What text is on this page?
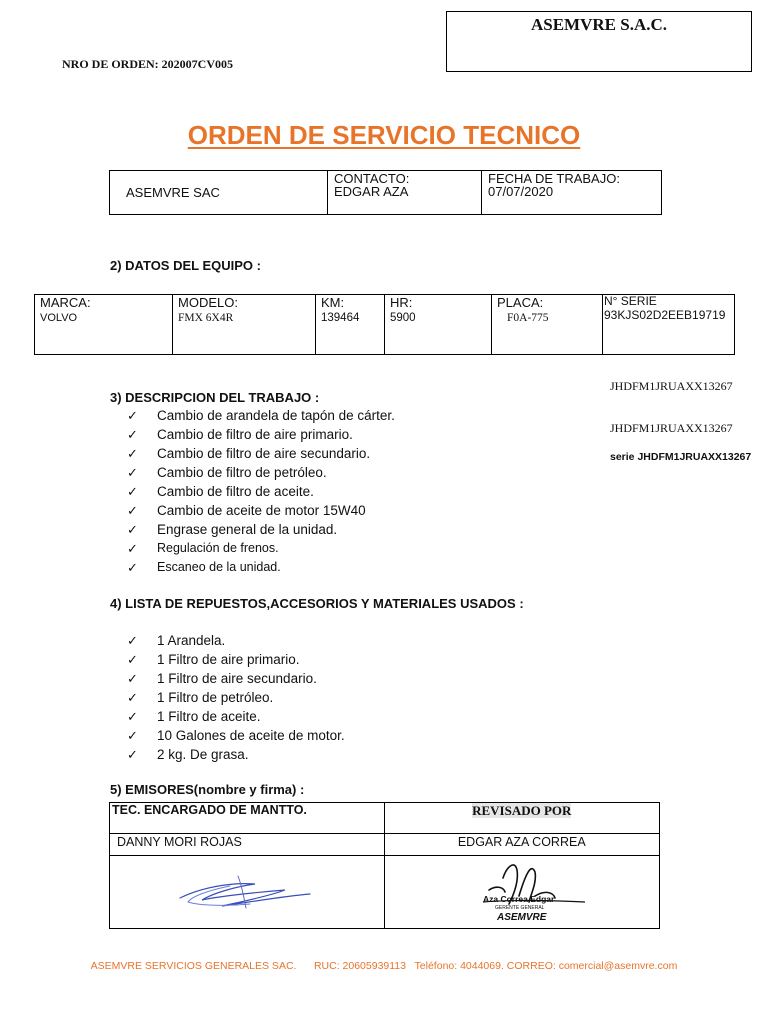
ASEMVRE S.A.C.
NRO DE ORDEN: 202007CV005
ORDEN DE SERVICIO TECNICO
ASEMVRE SAC
CONTACTO:
EDGAR AZA
FECHA DE TRABAJO:
07/07/2020
2) DATOS DEL EQUIPO :
MARCA:
VOLVO
MODELO:
FMX 6X4R
KM:
139464
HR:
5900
PLACA:
F0A-775
N° SERIE
93KJS02D2EEB19719
JHDFM1JRUAXX13267
JHDFM1JRUAXX13267
serie JHDFM1JRUAXX13267
3) DESCRIPCION DEL TRABAJO :
✓ Cambio de arandela de tapón de cárter.
✓ Cambio de filtro de aire primario.
✓ Cambio de filtro de aire secundario.
✓ Cambio de filtro de petróleo.
✓ Cambio de filtro de aceite.
✓ Cambio de aceite de motor 15W40
✓ Engrase general de la unidad.
✓ Regulación de frenos.
✓ Escaneo de la unidad.
4) LISTA DE REPUESTOS,ACCESORIOS Y MATERIALES USADOS :
✓ 1 Arandela.
✓ 1 Filtro de aire primario.
✓ 1 Filtro de aire secundario.
✓ 1 Filtro de petróleo.
✓ 1 Filtro de aceite.
✓ 10 Galones de aceite de motor.
✓ 2 kg. De grasa.
5) EMISORES(nombre y firma) :
TEC. ENCARGADO DE MANTTO.	REVISADO POR
DANNY MORI ROJAS	EDGAR AZA CORREA
Aza Correa Edgar
GERENTE GENERAL
ASEMVRE
ASEMVRE SERVICIOS GENERALES SAC.      RUC: 20605939113   Teléfono: 4044069. CORREO: comercial@asemvre.com
